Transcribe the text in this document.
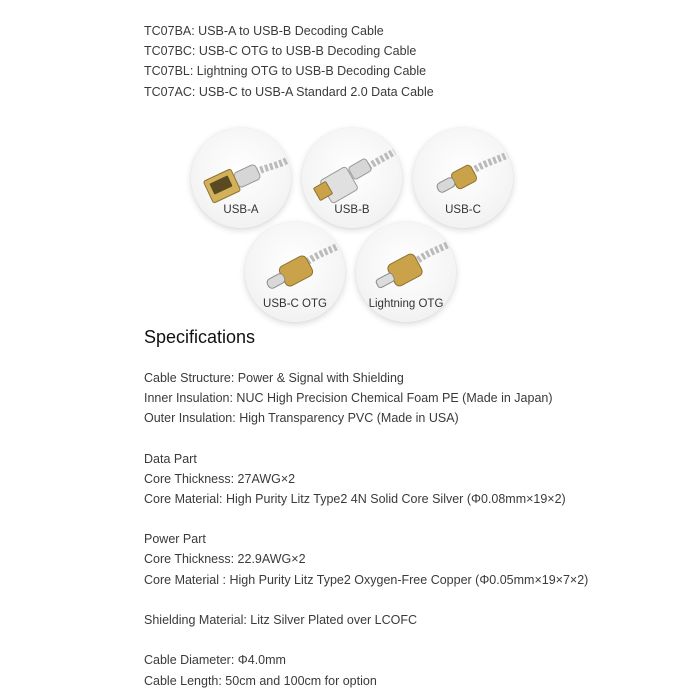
TC07BA: USB-A to USB-B Decoding Cable
TC07BC: USB-C OTG to USB-B Decoding Cable
TC07BL: Lightning OTG to USB-B Decoding Cable
TC07AC: USB-C to USB-A Standard 2.0 Data Cable
USB-A	USB-B	USB-C
USB-C OTG	Lightning OTG
Specifications
Cable Structure: Power & Signal with Shielding
Inner Insulation: NUC High Precision Chemical Foam PE (Made in Japan)
Outer Insulation: High Transparency PVC (Made in USA)
Data Part
Core Thickness: 27AWG×2
Core Material: High Purity Litz Type2 4N Solid Core Silver (Φ0.08mm×19×2)
Power Part
Core Thickness: 22.9AWG×2
Core Material : High Purity Litz Type2 Oxygen-Free Copper (Φ0.05mm×19×7×2)
Shielding Material: Litz Silver Plated over LCOFC
Cable Diameter: Φ4.0mm
Cable Length: 50cm and 100cm for option
